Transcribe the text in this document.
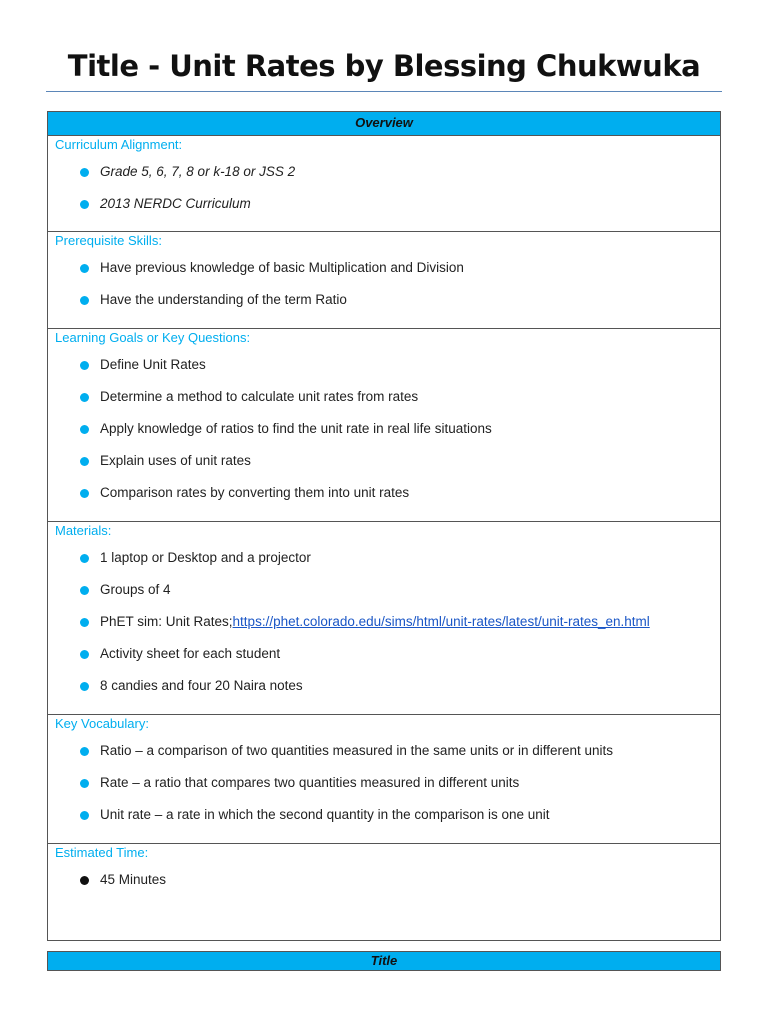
Title - Unit Rates by Blessing Chukwuka
Overview
Curriculum Alignment:
Grade 5, 6, 7, 8 or k-18 or JSS 2
2013 NERDC Curriculum
Prerequisite Skills:
Have previous knowledge of basic Multiplication and Division
Have the understanding of the term Ratio
Learning Goals or Key Questions:
Define Unit Rates
Determine a method to calculate unit rates from rates
Apply knowledge of ratios to find the unit rate in real life situations
Explain uses of unit rates
Comparison rates by converting them into unit rates
Materials:
1 laptop or Desktop and a projector
Groups of 4
PhET sim: Unit Rates;https://phet.colorado.edu/sims/html/unit-rates/latest/unit-rates_en.html
Activity sheet for each student
8 candies and four 20 Naira notes
Key Vocabulary:
Ratio – a comparison of two quantities measured in the same units or in different units
Rate – a ratio that compares two quantities measured in different units
Unit rate – a rate in which the second quantity in the comparison is one unit
Estimated Time:
45 Minutes
Title
